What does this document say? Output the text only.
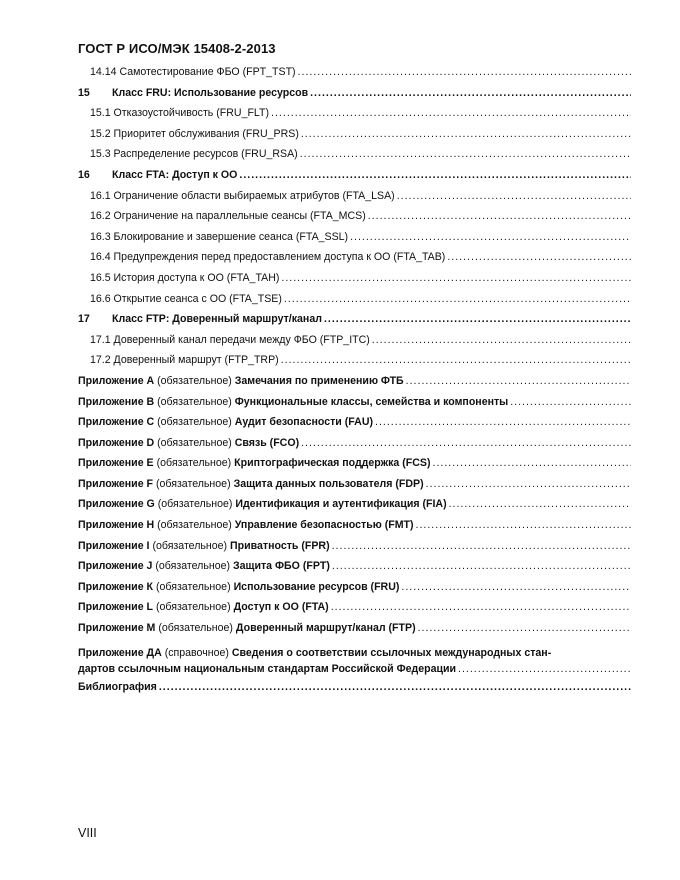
ГОСТ Р ИСО/МЭК 15408-2-2013
14.14 Самотестирование ФБО (FPT_TST)
.....
15 Класс FRU: Использование ресурсов
.....
15.1 Отказоустойчивость (FRU_FLT)
.....
15.2 Приоритет обслуживания (FRU_PRS)
.....
15.3 Распределение ресурсов (FRU_RSA)
.....
16 Класс FTA: Доступ к ОО
.....
16.1 Ограничение области выбираемых атрибутов (FTA_LSA)
.....
16.2 Ограничение на параллельные сеансы (FTA_MCS)
.....
16.3 Блокирование и завершение сеанса (FTA_SSL)
.....
16.4 Предупреждения перед предоставлением доступа к ОО (FTA_TAB)
.....
16.5 История доступа к ОО (FTA_TAH)
.....
16.6 Открытие сеанса с ОО (FTA_TSE)
.....
17 Класс FTP: Доверенный маршрут/канал
.....
17.1 Доверенный канал передачи между ФБО (FTP_ITC)
.....
17.2 Доверенный маршрут (FTP_TRP)
.....
Приложение А (обязательное) Замечания по применению ФТБ
.....
Приложение В (обязательное) Функциональные классы, семейства и компоненты
.....
Приложение С (обязательное) Аудит безопасности (FAU)
.....
Приложение D (обязательное) Связь (FCO)
.....
Приложение Е (обязательное) Криптографическая поддержка (FCS)
.....
Приложение F (обязательное) Защита данных пользователя (FDP)
.....
Приложение G (обязательное) Идентификация и аутентификация (FIA)
.....
Приложение Н (обязательное) Управление безопасностью (FMT)
.....
Приложение I (обязательное) Приватность (FPR)
.....
Приложение J (обязательное) Защита ФБО (FPT)
.....
Приложение К (обязательное) Использование ресурсов (FRU)
.....
Приложение L (обязательное) Доступ к ОО (FTA)
.....
Приложение М (обязательное) Доверенный маршрут/канал (FTP)
.....
Приложение ДА (справочное) Сведения о соответствии ссылочных международных стан-
дартов ссылочным национальным стандартам Российской Федерации
.....
Библиография
.....
VIII
